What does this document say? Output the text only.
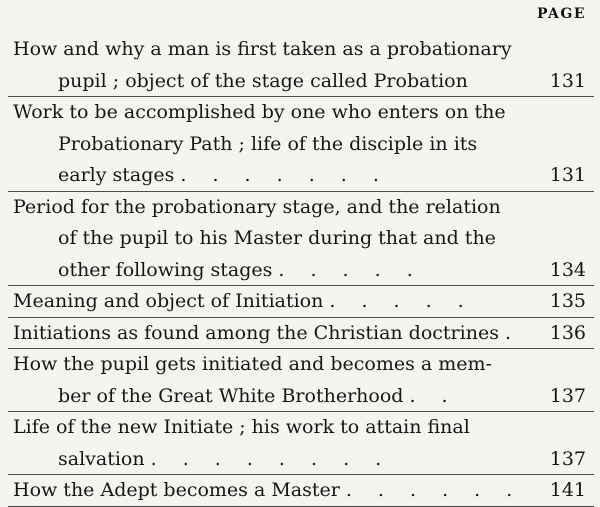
PAGE
How and why a man is first taken as a probationary
pupil ; object of the stage called Probation	131
Work to be accomplished by one who enters on the
Probationary Path ; life of the disciple in its
early stages . . . . . . .	131
Period for the probationary stage, and the relation
of the pupil to his Master during that and the
other following stages . . . . .	134
Meaning and object of Initiation . . . . .	135
Initiations as found among the Christian doctrines . 136
How the pupil gets initiated and becomes a mem-
ber of the Great White Brotherhood . .	137
Life of the new Initiate ; his work to attain final
salvation . . . . . . . .	137
How the Adept becomes a Master . . . . . . 141
